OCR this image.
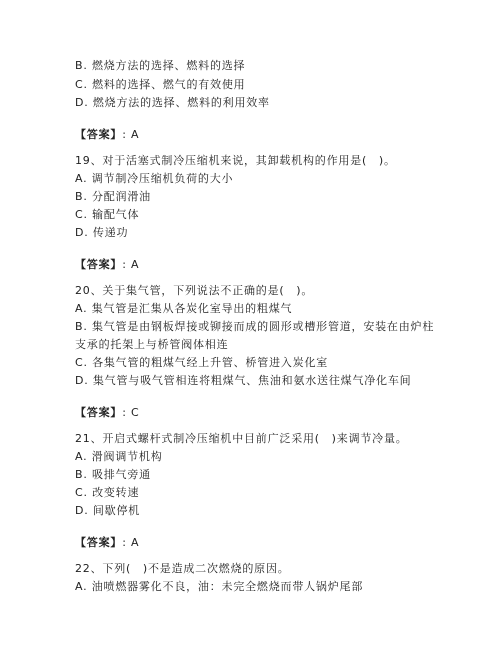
B. 燃烧方法的选择、燃料的选择
C. 燃料的选择、燃气的有效使用
D. 燃烧方法的选择、燃料的利用效率
【答案】: A
19、对于活塞式制冷压缩机来说，其卸载机构的作用是(　)。
A. 调节制冷压缩机负荷的大小
B. 分配润滑油
C. 输配气体
D. 传递功
【答案】: A
20、关于集气管，下列说法不正确的是(　)。
A. 集气管是汇集从各炭化室导出的粗煤气
B. 集气管是由钢板焊接或铆接而成的圆形或槽形管道，安装在由炉柱
支承的托架上与桥管阀体相连
C. 各集气管的粗煤气经上升管、桥管进入炭化室
D. 集气管与吸气管相连将粗煤气、焦油和氨水送往煤气净化车间
【答案】: C
21、开启式螺杆式制冷压缩机中目前广泛采用(　)来调节冷量。
A. 滑阀调节机构
B. 吸排气旁通
C. 改变转速
D. 间歇停机
【答案】: A
22、下列(　)不是造成二次燃烧的原因。
A. 油喷燃器雾化不良，油：未完全燃烧而带人锅炉尾部
